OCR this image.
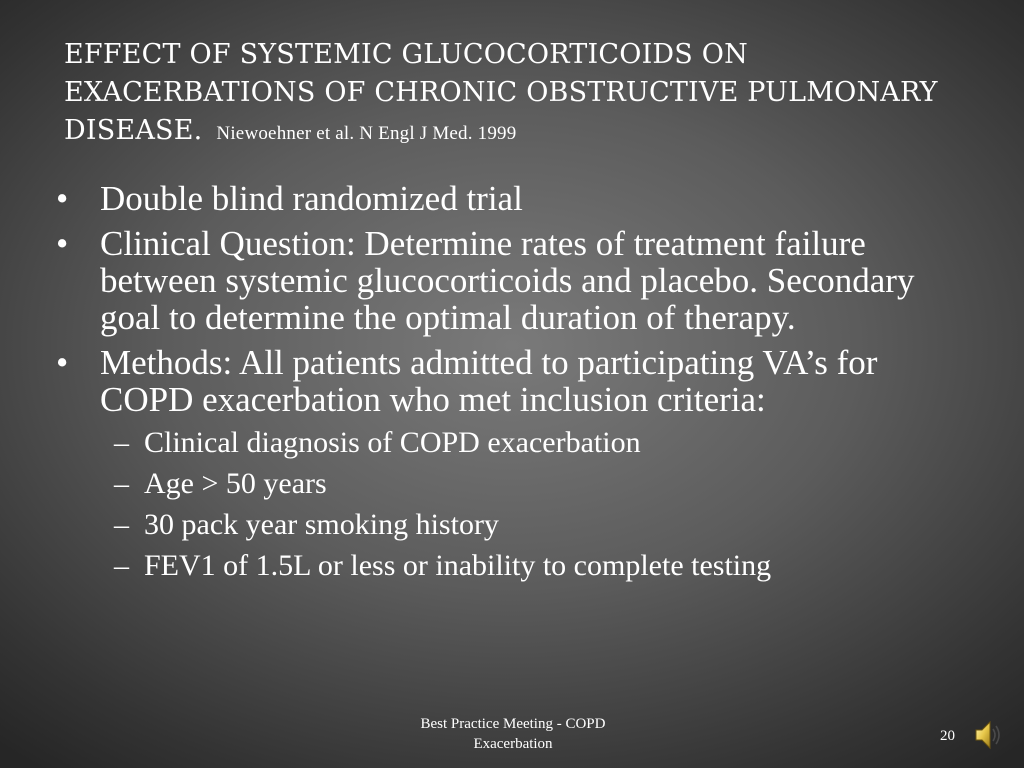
EFFECT OF SYSTEMIC GLUCOCORTICOIDS ON EXACERBATIONS OF CHRONIC OBSTRUCTIVE PULMONARY DISEASE. Niewoehner et al. N Engl J Med. 1999
• Double blind randomized trial
• Clinical Question: Determine rates of treatment failure between systemic glucocorticoids and placebo. Secondary goal to determine the optimal duration of therapy.
• Methods: All patients admitted to participating VA’s for COPD exacerbation who met inclusion criteria:
– Clinical diagnosis of COPD exacerbation
– Age > 50 years
– 30 pack year smoking history
– FEV1 of 1.5L or less or inability to complete testing
Best Practice Meeting - COPD Exacerbation	20
